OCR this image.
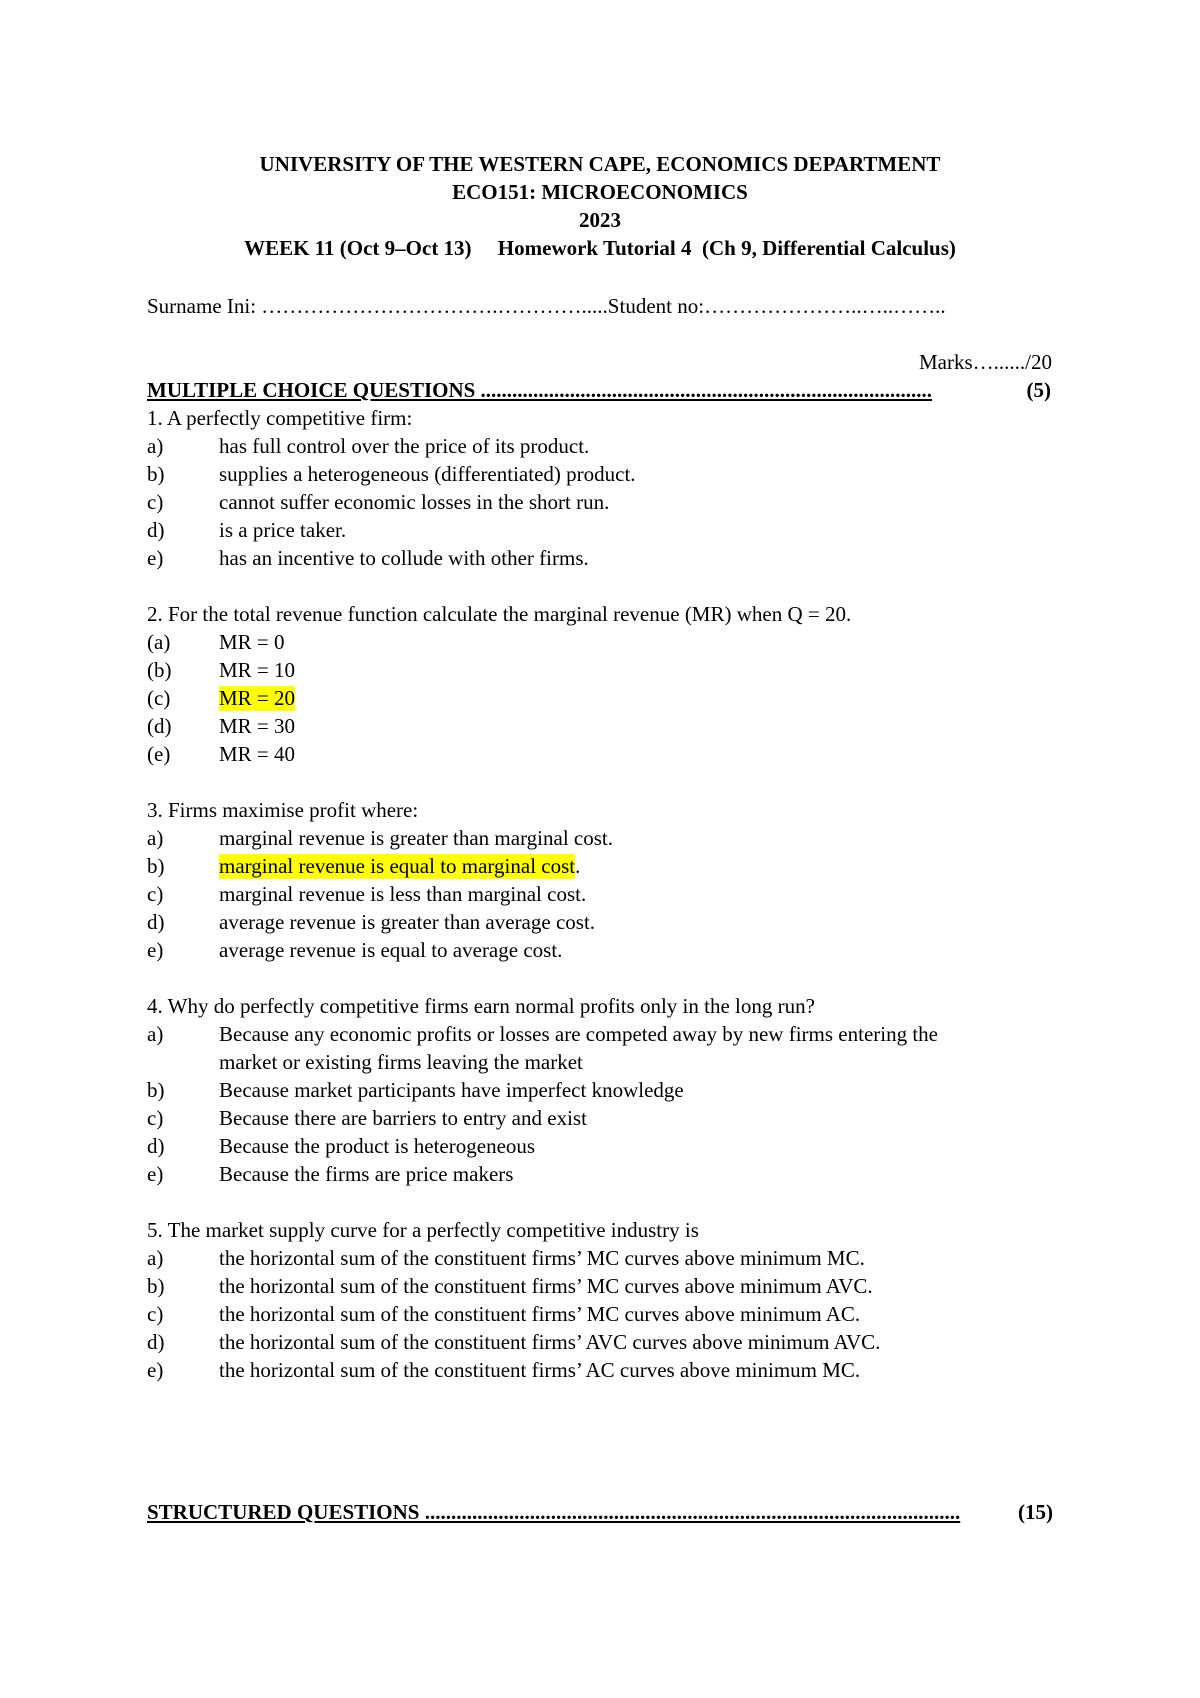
UNIVERSITY OF THE WESTERN CAPE, ECONOMICS DEPARTMENT
ECO151: MICROECONOMICS
2023
WEEK 11 (Oct 9–Oct 13)     Homework Tutorial 4  (Ch 9, Differential Calculus)
Surname Ini: …………………………….………….....Student no:…………………..…..……..
Marks…....../20
MULTIPLE CHOICE QUESTIONS ......................................................................................	(5)
1. A perfectly competitive firm:
a)	has full control over the price of its product.
b)	supplies a heterogeneous (differentiated) product.
c)	cannot suffer economic losses in the short run.
d)	is a price taker.
e)	has an incentive to collude with other firms.
2. For the total revenue function calculate the marginal revenue (MR) when Q = 20.
(a) MR = 0
(b) MR = 10
(c) MR = 20
(d) MR = 30
(e) MR = 40
3. Firms maximise profit where:
a)	marginal revenue is greater than marginal cost.
b)	marginal revenue is equal to marginal cost.
c)	marginal revenue is less than marginal cost.
d)	average revenue is greater than average cost.
e)	average revenue is equal to average cost.
4. Why do perfectly competitive firms earn normal profits only in the long run?
a)	Because any economic profits or losses are competed away by new firms entering the
market or existing firms leaving the market
b)	Because market participants have imperfect knowledge
c)	Because there are barriers to entry and exist
d)	Because the product is heterogeneous
e)	Because the firms are price makers
5. The market supply curve for a perfectly competitive industry is
a)	the horizontal sum of the constituent firms’ MC curves above minimum MC.
b)	the horizontal sum of the constituent firms’ MC curves above minimum AVC.
c)	the horizontal sum of the constituent firms’ MC curves above minimum AC.
d)	the horizontal sum of the constituent firms’ AVC curves above minimum AVC.
e)	the horizontal sum of the constituent firms’ AC curves above minimum MC.
STRUCTURED QUESTIONS ......................................................................................................	(15)
